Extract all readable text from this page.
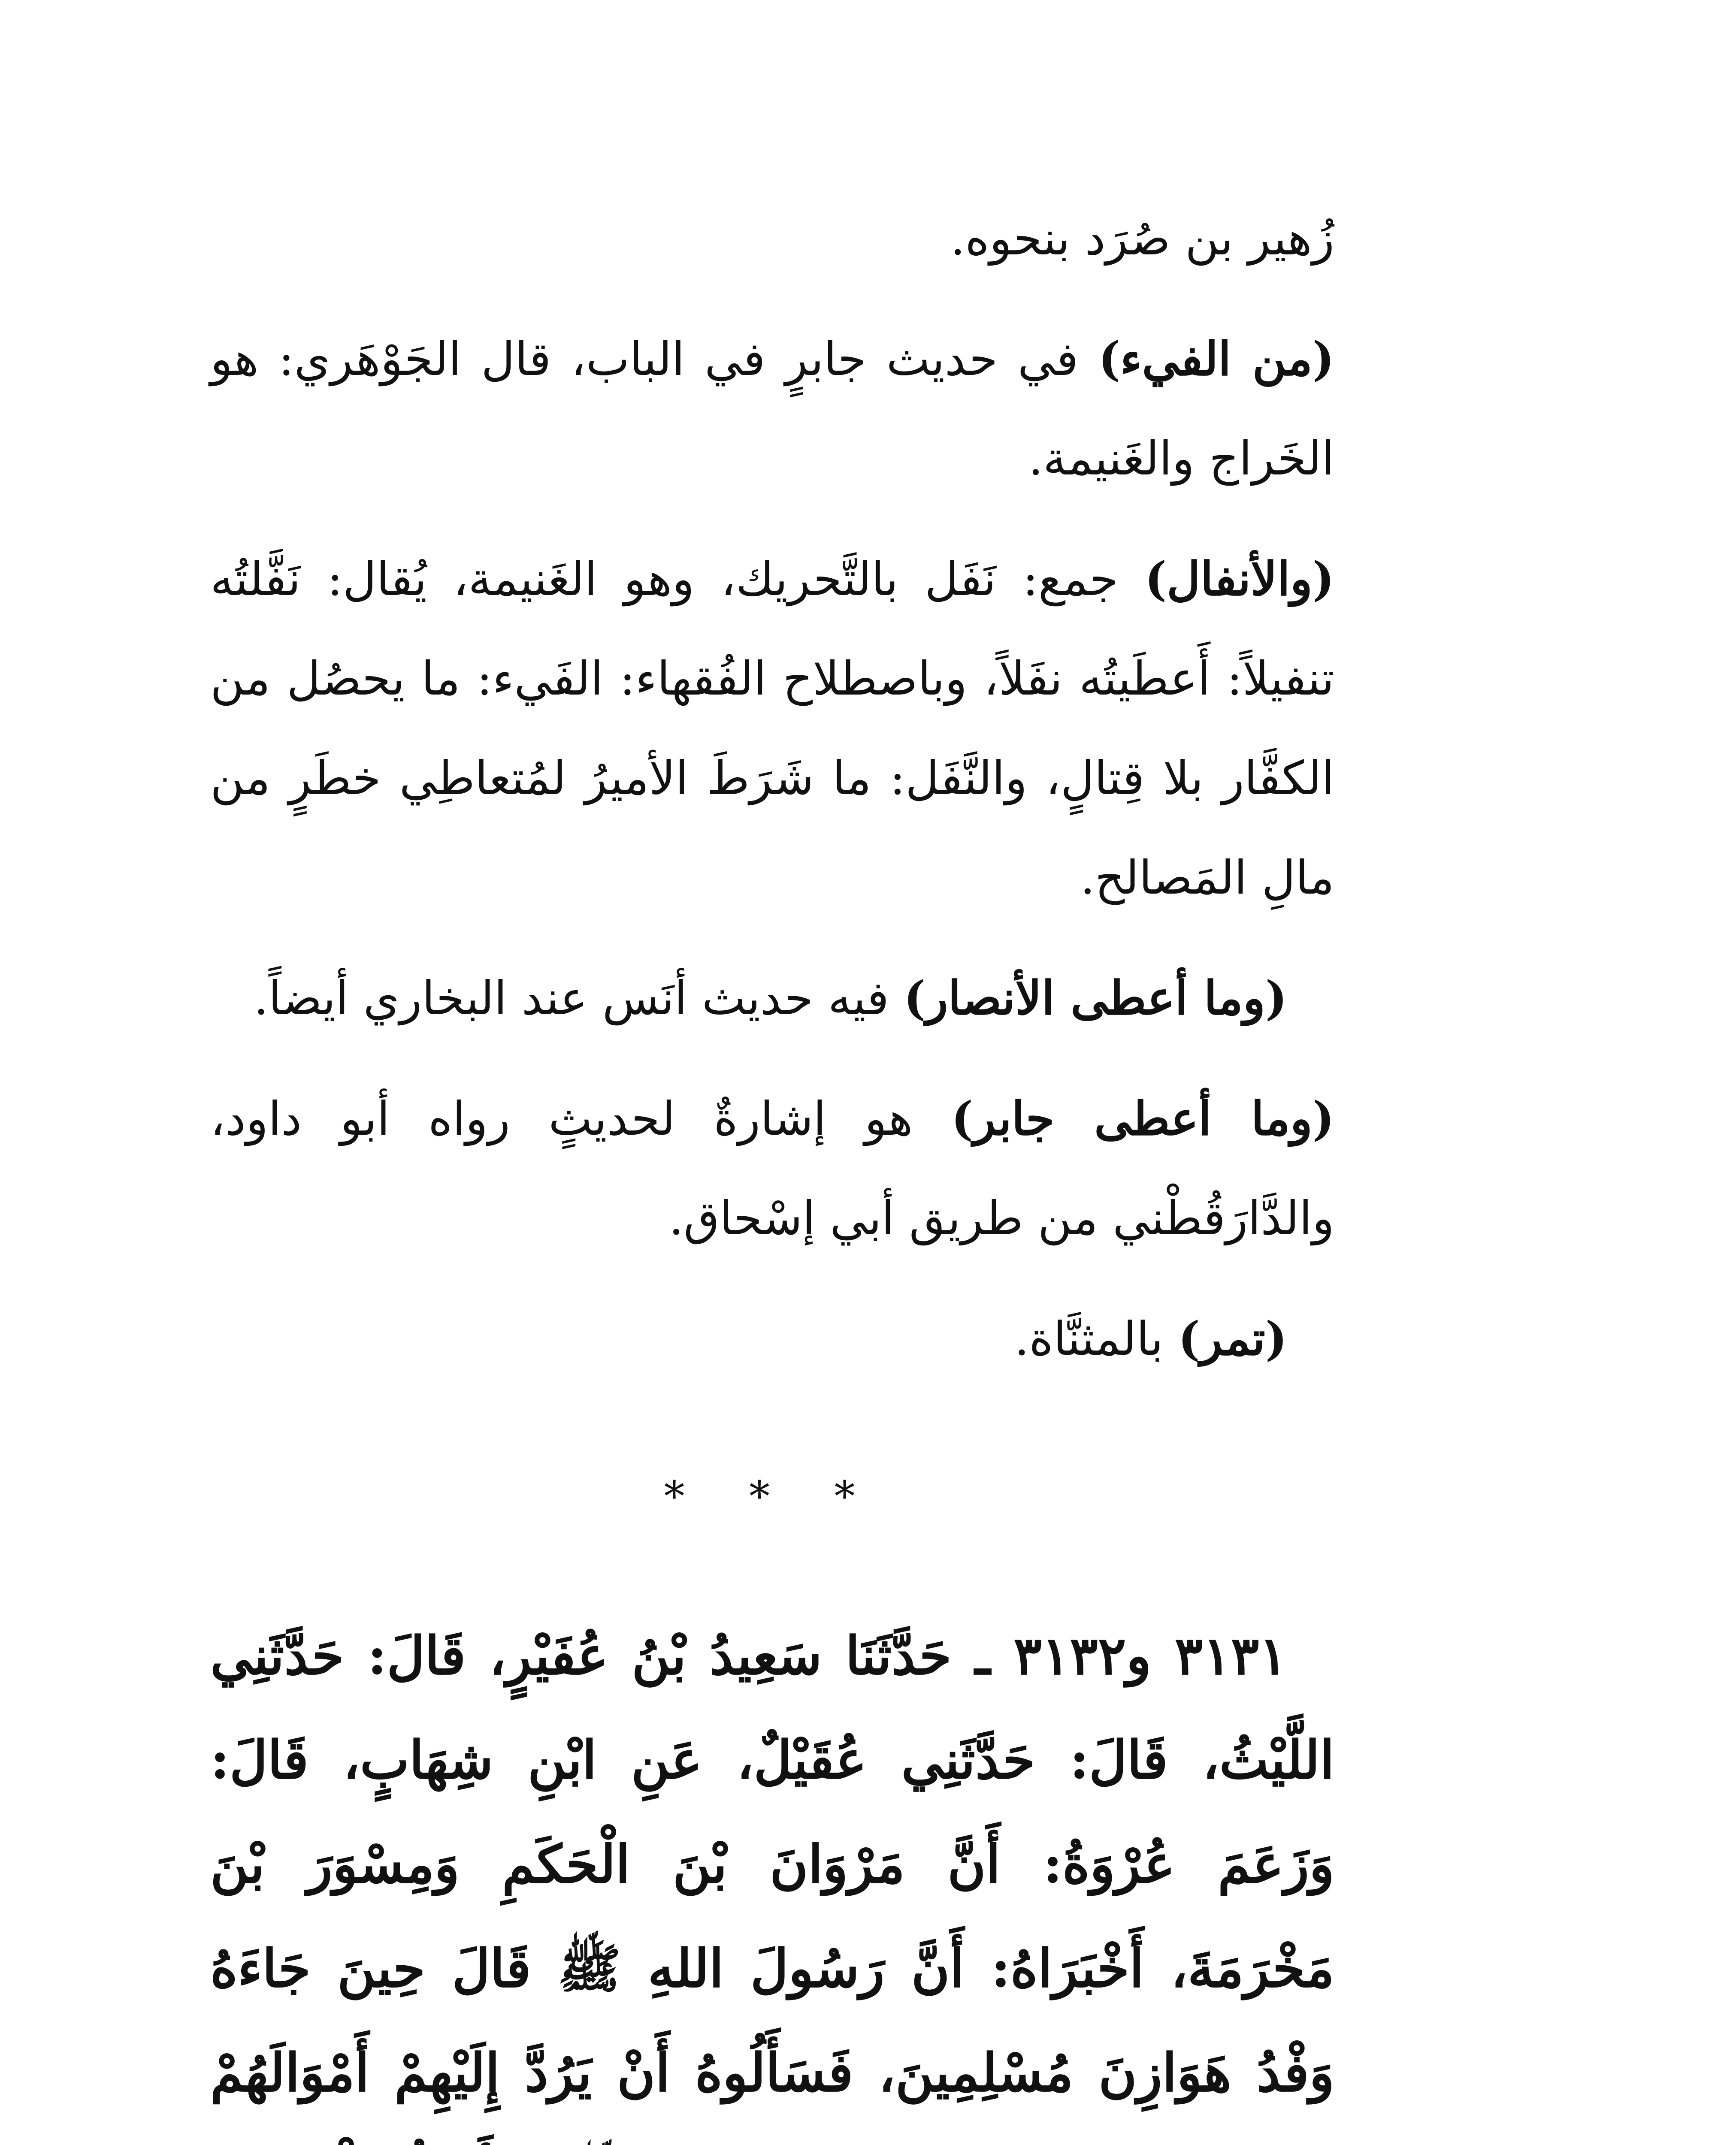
زُهير بن صُرَد بنحوه.

(من الفيء) في حديث جابرٍ في الباب، قال الجَوْهَري: هو الخَراج والغَنيمة.

(والأنفال) جمع: نَفَل بالتَّحريك، وهو الغَنيمة، يُقال: نَفَّلتُه تنفيلاً: أَعطَيتُه نفَلاً، وباصطلاح الفُقهاء: الفَيء: ما يحصُل من الكفَّار بلا قِتالٍ، والنَّفَل: ما شَرَطَ الأميرُ لمُتعاطِي خطَرٍ من مالِ المَصالح.

(وما أعطى الأنصار) فيه حديث أنَس عند البخاري أيضاً.

(وما أعطى جابر) هو إشارةٌ لحديثٍ رواه أبو داود، والدَّارَقُطْني من طريق أبي إسْحاق.

(تمر) بالمثنَّاة.

* * *

٣١٣١ و٣١٣٢ ـ حَدَّثَنَا سَعِيدُ بْنُ عُفَيْرٍ، قَالَ: حَدَّثَنِي اللَّيْثُ، قَالَ: حَدَّثَنِي عُقَيْلٌ، عَنِ ابْنِ شِهَابٍ، قَالَ: وَزَعَمَ عُرْوَةُ: أَنَّ مَرْوَانَ بْنَ الْحَكَمِ وَمِسْوَرَ بْنَ مَخْرَمَةَ، أَخْبَرَاهُ: أَنَّ رَسُولَ اللهِ ﷺ قَالَ حِينَ جَاءَهُ وَفْدُ هَوَازِنَ مُسْلِمِينَ، فَسَأَلُوهُ أَنْ يَرُدَّ إِلَيْهِمْ أَمْوَالَهُمْ
